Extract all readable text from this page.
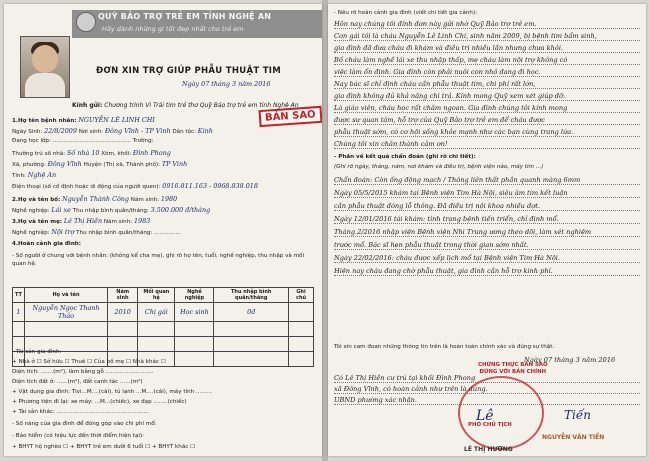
QUỸ BẢO TRỢ TRẺ EM TỈNH NGHỆ AN
Hãy dành những gì tốt đẹp nhất cho trẻ em
ĐƠN XIN TRỢ GIÚP PHẪU THUẬT TIM
Ngày 07 tháng 3 năm 2016
Kính gửi: Chương trình Vì Trái tim trẻ thơ Quỹ Bảo trợ trẻ em tỉnh Nghệ An
BẢN SAO
1.Họ tên bệnh nhân: NGUYỄN LÊ LINH CHI
Ngày Sinh: 22/8/2009 Nơi sinh: Đông Vĩnh - TP Vinh Dân tộc: Kinh
Đang học lớp: ............................................ Trường:
Thường trú số nhà: Số nhà 10 Xóm, khối: Đình Phong
Xã, phường: Đông Vĩnh Huyện (Thị xã, Thành phố): TP Vinh
Tỉnh: Nghệ An
Điện thoại (số cố định hoặc di động của người quen): 0916.811.163 - 0968.838.018
2.Họ và tên bố: Nguyễn Thành Công Năm sinh: 1980
Nghề nghiệp: Lái xe Thu nhập bình quân/tháng: 3.500.000 đ/tháng
3.Họ và tên mẹ: Lê Thị Hiền Năm sinh: 1983
Nghề nghiệp: Nội trợ Thu nhập bình quân/tháng: ...............
4.Hoàn cảnh gia đình:
- Số người ở chung với bệnh nhân: (không kể cha mẹ), ghi rõ họ tên, tuổi, nghề nghiệp, thu nhập và mối quan hệ.
TT	Họ và tên	Năm sinh	Mối quan hệ	Nghề nghiệp	Thu nhập bình quân/tháng	Ghi chú
1	Nguyễn Ngọc Thanh Thảo	2010	Chị gái	Học sinh	0đ	

- Tài sản gia đình:
+ Nhà ở ☐ Sở hữu ☐ Thuê ☐ Của bố mẹ ☐ Nhà khác ☐
Diện tích: .......(m²), làm bằng gỗ ...........................
Diện tích đất ở: ......(m²), đất canh tác ......(m²)
+ Vật dụng gia đình: Tivi...M....(cái), tủ lạnh ...M....(cái), máy tính .........
+ Phương tiện đi lại: xe máy: ...M...(chiếc), xe đạp ........(chiếc)
+ Tài sản khác: ....................................................
- Số năng của gia đình để đóng góp vào chi phí mổ:
- Bảo hiểm (có hiệu lực đến thời điểm hiện tại):
+ BHYT hộ nghèo ☐ + BHYT trẻ em dưới 6 tuổi ☐ + BHYT khác ☐
- Nêu rõ hoàn cảnh gia đình (viết chi tiết gia cảnh):
Hôn nay chúng tôi đính đơn này gửi nhờ Quỹ Bảo trợ trẻ em.
Con gái tôi là cháu Nguyễn Lê Linh Chi, sinh năm 2009, bị bệnh tim bẩm sinh,
gia đình đã đưa cháu đi khám và điều trị nhiều lần nhưng chưa khỏi.
Bố cháu làm nghề lái xe thu nhập thấp, mẹ cháu làm nội trợ không có
việc làm ổn định. Gia đình còn phải nuôi con nhỏ đang đi học.
Nay bác sĩ chỉ định cháu cần phẫu thuật tim, chi phí rất lớn,
gia đình không đủ khả năng chi trả. Kính mong Quỹ xem xét giúp đỡ.
Là giáo viên, cháu học rất chăm ngoan. Gia đình chúng tôi kính mong
được sự quan tâm, hỗ trợ của Quỹ Bảo trợ trẻ em để cháu được
phẫu thuật sớm, có cơ hội sống khỏe mạnh như các bạn cùng trang lứa.
Chúng tôi xin chân thành cảm ơn!
- Phần về kết quả chẩn đoán (ghi rõ chi tiết):
(Ghi rõ ngày, tháng, năm, nơi khám và điều trị, bệnh viện nào, máy tim ...)
Chẩn đoán: Còn ống động mạch / Thông liên thất phần quanh màng 6mm
Ngày 05/5/2015 khám tại Bệnh viện Tim Hà Nội, siêu âm tim kết luận
cần phẫu thuật đóng lỗ thông. Đã điều trị nội khoa nhiều đợt.
Ngày 12/01/2016 tái khám: tình trạng bệnh tiến triển, chỉ định mổ.
Tháng 2/2016 nhập viện Bệnh viện Nhi Trung ương theo dõi, làm xét nghiệm
trước mổ. Bác sĩ hẹn phẫu thuật trong thời gian sớm nhất.
Ngày 22/02/2016: cháu được xếp lịch mổ tại Bệnh viện Tim Hà Nội.
Hiện nay cháu đang chờ phẫu thuật, gia đình cần hỗ trợ kinh phí.
Tôi xin cam đoan những thông tin trên là hoàn toàn chính xác và đúng sự thật.
Ngày 07 tháng 3 năm 2016
Có Lê Thị Hiền cư trú tại khối Đình Phong
xã Đông Vĩnh, có hoàn cảnh như trên là đúng.
UBND phường xác nhận.
CHỨNG THỰC BẢN SAO
ĐÚNG VỚI BẢN CHÍNH
Lê	Tiến
PHÓ CHỦ TỊCH
NGUYỄN VĂN TIẾN
LÊ THỊ HƯƠNG
